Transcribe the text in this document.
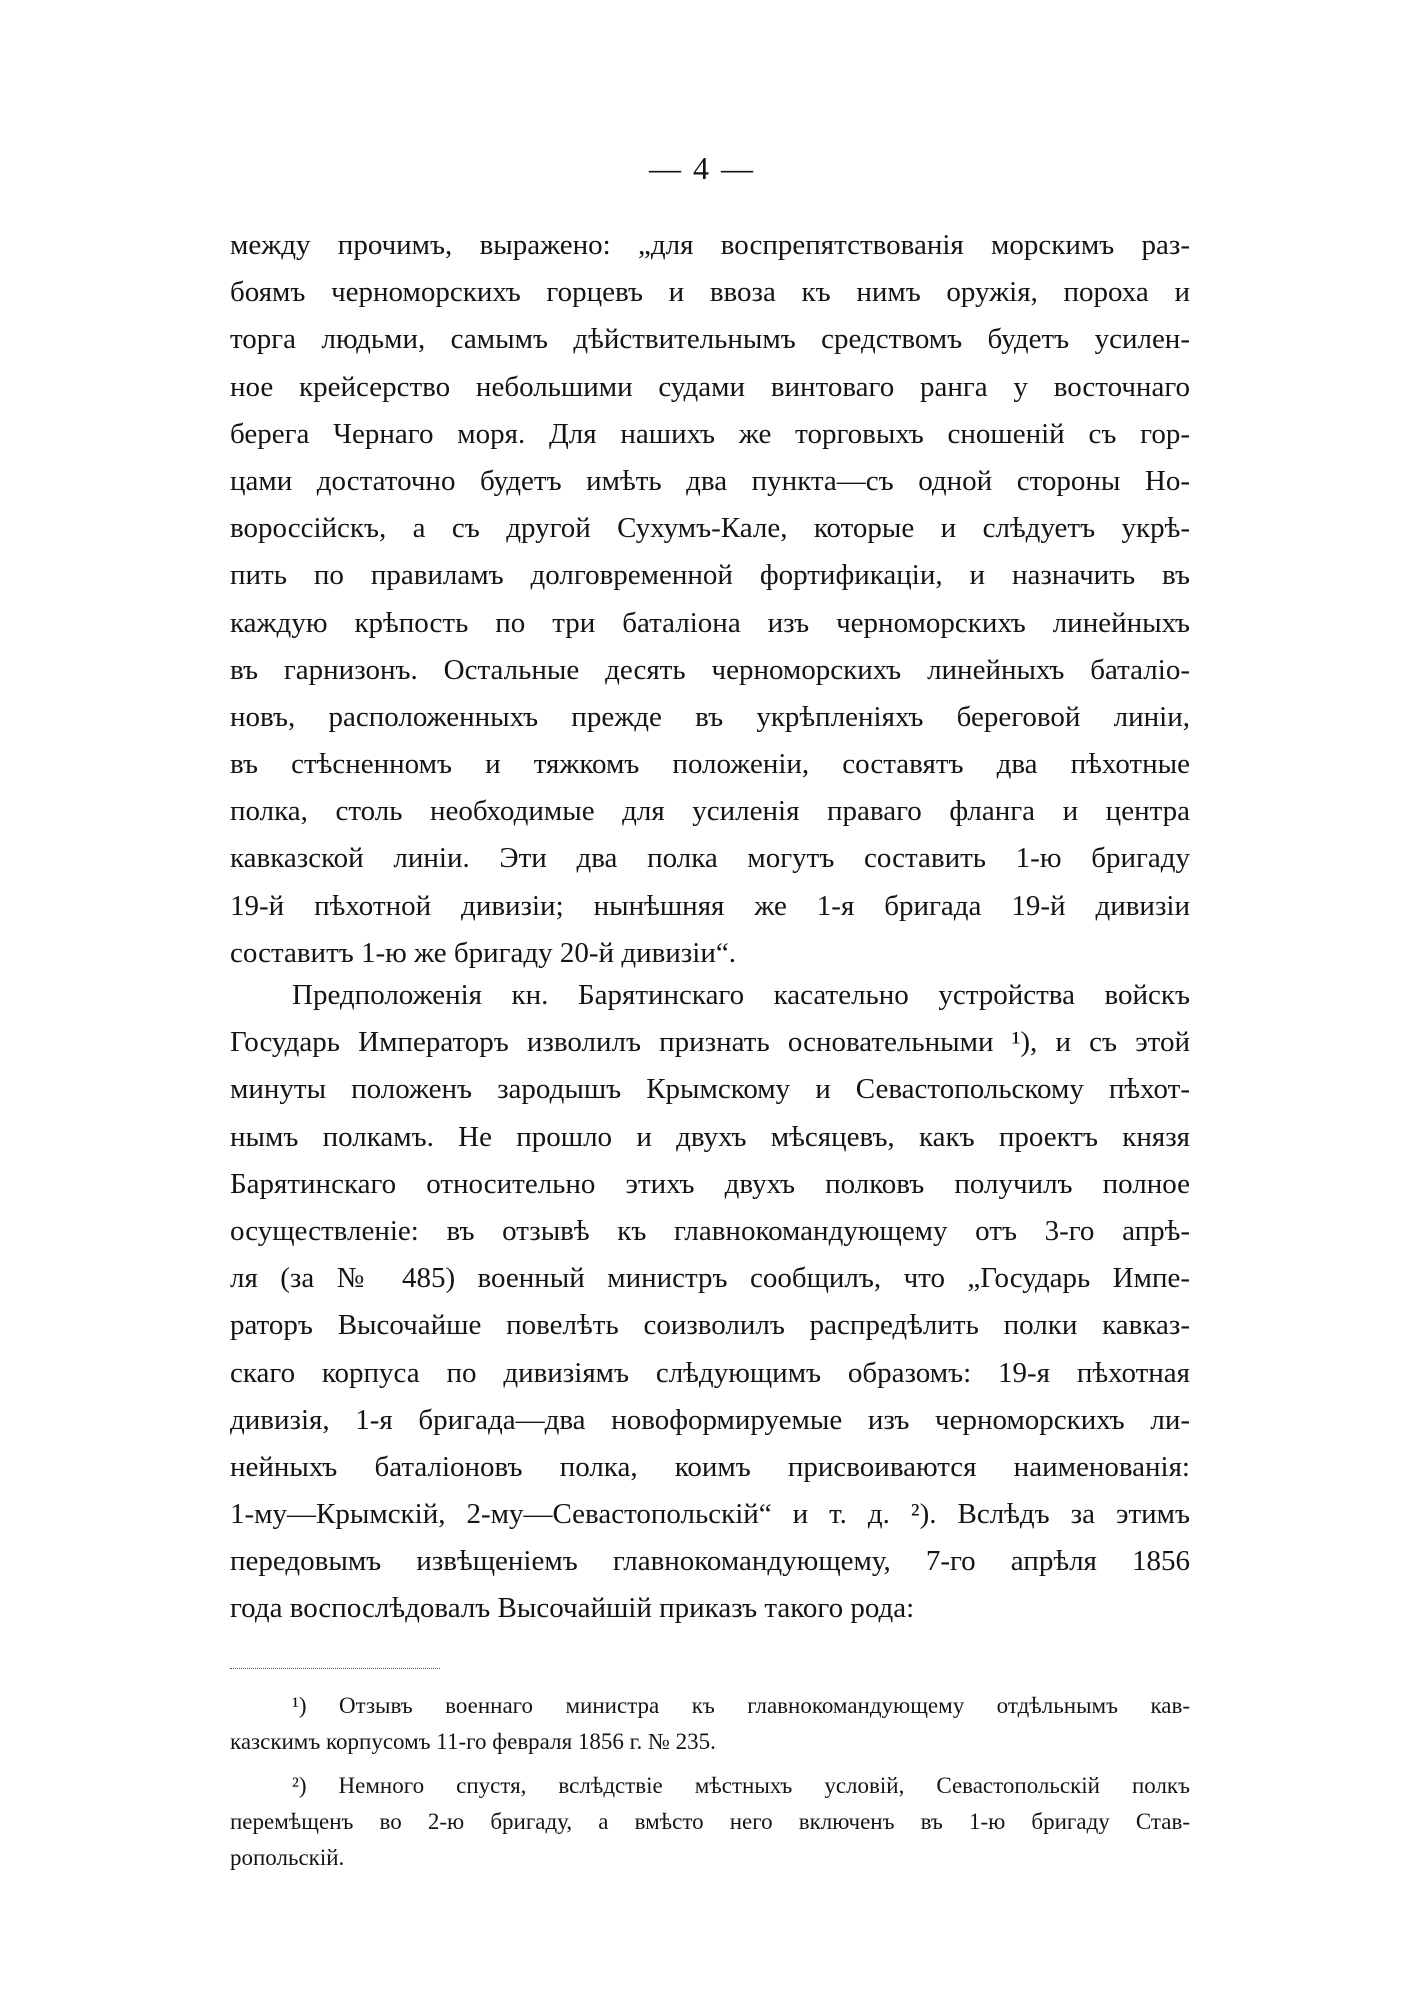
— 4 —
между прочимъ, выражено: „для воспрепятствованія морскимъ раз-
боямъ черноморскихъ горцевъ и ввоза къ нимъ оружія, пороха и
торга людьми, самымъ дѣйствительнымъ средствомъ будетъ усилен-
ное крейсерство небольшими судами винтоваго ранга у восточнаго
берега Чернаго моря. Для нашихъ же торговыхъ сношеній съ гор-
цами достаточно будетъ имѣть два пункта—съ одной стороны Но-
вороссійскъ, а съ другой Сухумъ-Кале, которые и слѣдуетъ укрѣ-
пить по правиламъ долговременной фортификаціи, и назначить въ
каждую крѣпость по три баталіона изъ черноморскихъ линейныхъ
въ гарнизонъ. Остальные десять черноморскихъ линейныхъ баталіо-
новъ, расположенныхъ прежде въ укрѣпленіяхъ береговой линіи,
въ стѣсненномъ и тяжкомъ положеніи, составятъ два пѣхотные
полка, столь необходимые для усиленія праваго фланга и центра
кавказской линіи. Эти два полка могутъ составить 1-ю бригаду
19-й пѣхотной дивизіи; нынѣшняя же 1-я бригада 19-й дивизіи
составитъ 1-ю же бригаду 20-й дивизіи“.
Предположенія кн. Барятинскаго касательно устройства войскъ
Государь Императоръ изволилъ признать основательными ¹), и съ этой
минуты положенъ зародышъ Крымскому и Севастопольскому пѣхот-
нымъ полкамъ. Не прошло и двухъ мѣсяцевъ, какъ проектъ князя
Барятинскаго относительно этихъ двухъ полковъ получилъ полное
осуществленіе: въ отзывѣ къ главнокомандующему отъ 3-го апрѣ-
ля (за № 485) военный министръ сообщилъ, что „Государь Импе-
раторъ Высочайше повелѣть соизволилъ распредѣлить полки кавказ-
скаго корпуса по дивизіямъ слѣдующимъ образомъ: 19-я пѣхотная
дивизія, 1-я бригада—два новоформируемые изъ черноморскихъ ли-
нейныхъ баталіоновъ полка, коимъ присвоиваются наименованія:
1-му—Крымскій, 2-му—Севастопольскій“ и т. д. ²). Вслѣдъ за этимъ
передовымъ извѣщеніемъ главнокомандующему, 7-го апрѣля 1856
года воспослѣдовалъ Высочайшій приказъ такого рода:
¹) Отзывъ военнаго министра къ главнокомандующему отдѣльнымъ кав-
казскимъ корпусомъ 11-го февраля 1856 г. № 235.
²) Немного спустя, вслѣдствіе мѣстныхъ условій, Севастопольскій полкъ
перемѣщенъ во 2-ю бригаду, а вмѣсто него включенъ въ 1-ю бригаду Став-
ропольскій.
